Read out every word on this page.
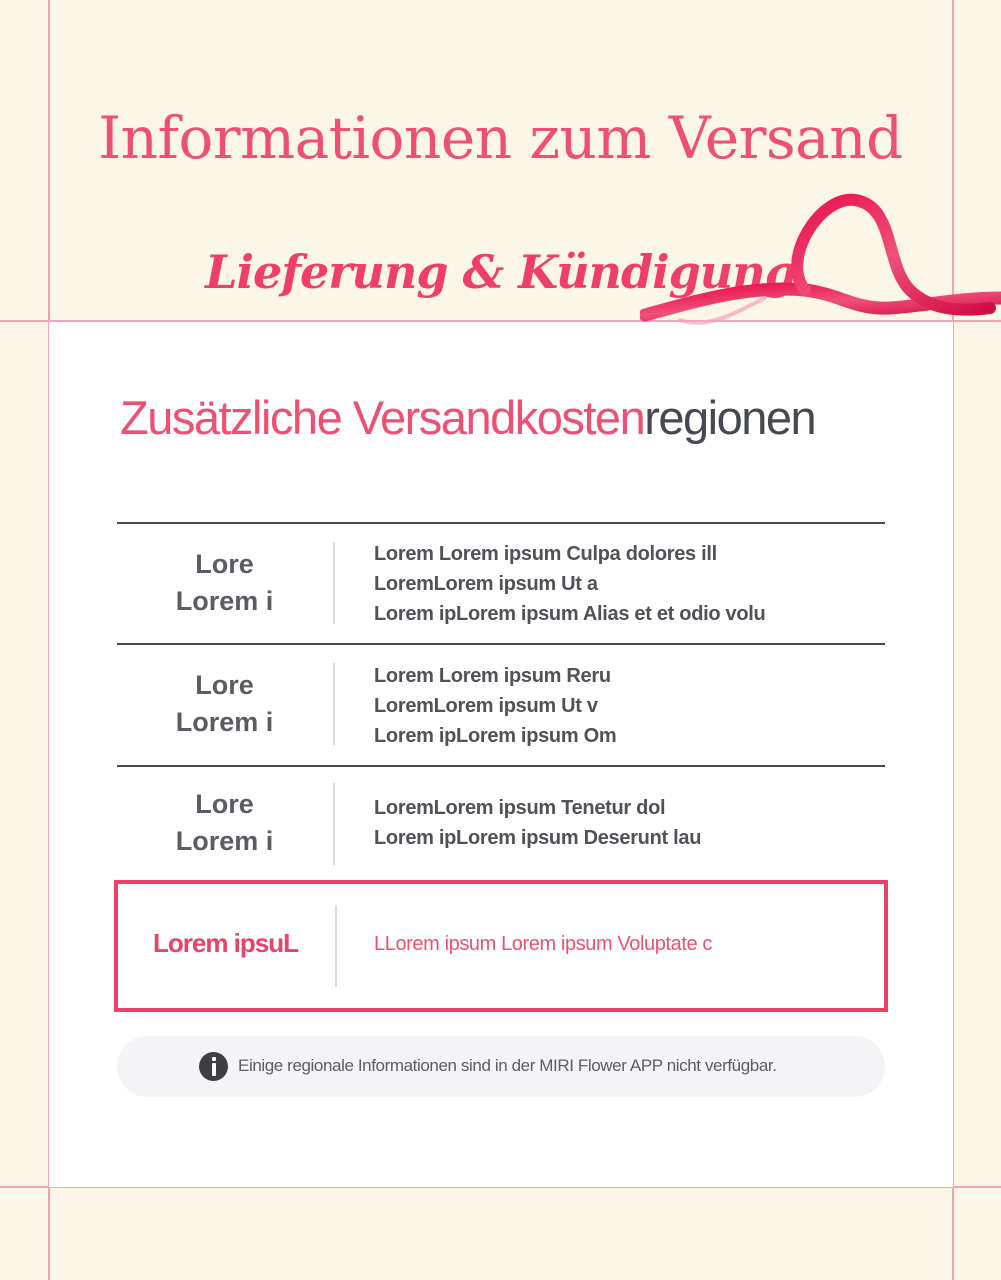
Informationen zum Versand
Lieferung & Kündigung
Zusätzliche Versandkostenregionen
Lore
Lorem i
Lorem Lorem ipsum Culpa dolores ill
LoremLorem ipsum Ut a
Lorem ipLorem ipsum Alias et et odio volu
Lore
Lorem i
Lorem Lorem ipsum Reru
LoremLorem ipsum Ut v
Lorem ipLorem ipsum Om
Lore
Lorem i
LoremLorem ipsum Tenetur dol
Lorem ipLorem ipsum Deserunt lau
Lorem ipsuL	LLorem ipsum Lorem ipsum Voluptate c
Einige regionale Informationen sind in der MIRI Flower APP nicht verfügbar.
